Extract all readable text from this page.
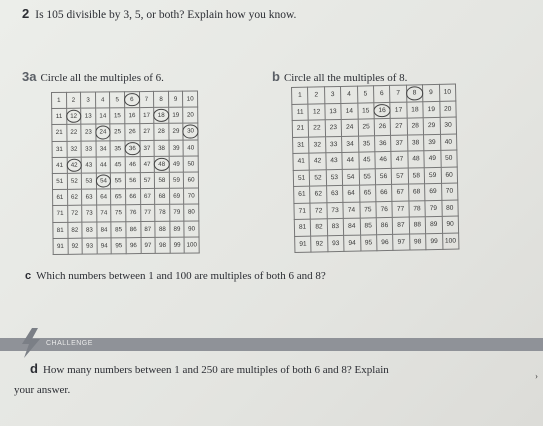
2 Is 105 divisible by 3, 5, or both? Explain how you know.
3a Circle all the multiples of 6.	b Circle all the multiples of 8.
1	2	3	4	5	6	7	8	9	10
11	12	13	14	15	16	17	18	19	20
21	22	23	24	25	26	27	28	29	30
31	32	33	34	35	36	37	38	39	40
41	42	43	44	45	46	47	48	49	50
51	52	53	54	55	56	57	58	59	60
61	62	63	64	65	66	67	68	69	70
71	72	73	74	75	76	77	78	79	80
81	82	83	84	85	86	87	88	89	90
91	92	93	94	95	96	97	98	99	100
1	2	3	4	5	6	7	8	9	10
11	12	13	14	15	16	17	18	19	20
21	22	23	24	25	26	27	28	29	30
31	32	33	34	35	36	37	38	39	40
41	42	43	44	45	46	47	48	49	50
51	52	53	54	55	56	57	58	59	60
61	62	63	64	65	66	67	68	69	70
71	72	73	74	75	76	77	78	79	80
81	82	83	84	85	86	87	88	89	90
91	92	93	94	95	96	97	98	99	100
c Which numbers between 1 and 100 are multiples of both 6 and 8?
CHALLENGE
d How many numbers between 1 and 250 are multiples of both 6 and 8? Explain
your answer.
›
